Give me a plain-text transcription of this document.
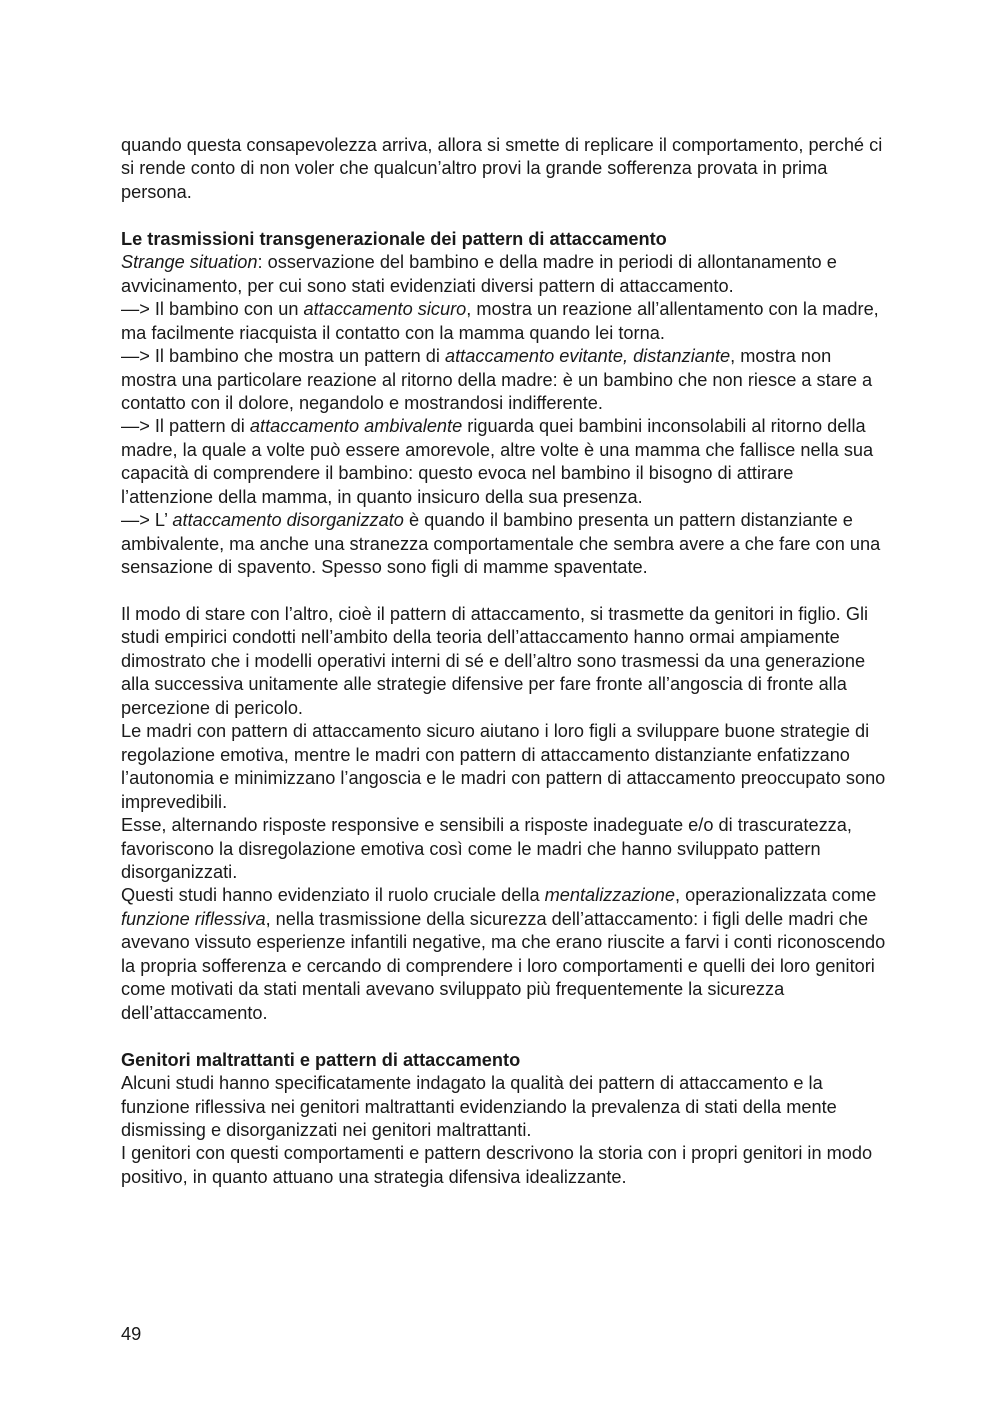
quando questa consapevolezza arriva, allora si smette di replicare il comportamento, perché ci si rende conto di non voler che qualcun’altro provi la grande sofferenza provata in prima persona.

Le trasmissioni transgenerazionale dei pattern di attaccamento

Strange situation: osservazione del bambino e della madre in periodi di allontanamento e avvicinamento, per cui sono stati evidenziati diversi pattern di attaccamento.

—> Il bambino con un attaccamento sicuro, mostra un reazione all’allentamento con la madre, ma facilmente riacquista il contatto con la mamma quando lei torna.

—> Il bambino che mostra un pattern di attaccamento evitante, distanziante, mostra non mostra una particolare reazione al ritorno della madre: è un bambino che non riesce a stare a contatto con il dolore, negandolo e mostrandosi indifferente.

—> Il pattern di attaccamento ambivalente riguarda quei bambini inconsolabili al ritorno della madre, la quale a volte può essere amorevole, altre volte è una mamma che fallisce nella sua capacità di comprendere il bambino: questo evoca nel bambino il bisogno di attirare l’attenzione della mamma, in quanto insicuro della sua presenza.

—> L’ attaccamento disorganizzato è quando il bambino presenta un pattern distanziante e ambivalente, ma anche una stranezza comportamentale che sembra avere a che fare con una sensazione di spavento. Spesso sono figli di mamme spaventate.

Il modo di stare con l’altro, cioè il pattern di attaccamento, si trasmette da genitori in figlio. Gli studi empirici condotti nell’ambito della teoria dell’attaccamento hanno ormai ampiamente dimostrato che i modelli operativi interni di sé e dell’altro sono trasmessi da una generazione alla successiva unitamente alle strategie difensive per fare fronte all’angoscia di fronte alla percezione di pericolo.

Le madri con pattern di attaccamento sicuro aiutano i loro figli a sviluppare buone strategie di regolazione emotiva, mentre le madri con pattern di attaccamento distanziante enfatizzano l’autonomia e minimizzano l’angoscia e le madri con pattern di attaccamento preoccupato sono imprevedibili.

Esse, alternando risposte responsive e sensibili a risposte inadeguate e/o di trascuratezza, favoriscono la disregolazione emotiva così come le madri che hanno sviluppato pattern disorganizzati.

Questi studi hanno evidenziato il ruolo cruciale della mentalizzazione, operazionalizzata come funzione riflessiva, nella trasmissione della sicurezza dell’attaccamento: i figli delle madri che avevano vissuto esperienze infantili negative, ma che erano riuscite a farvi i conti riconoscendo la propria sofferenza e cercando di comprendere i loro comportamenti e quelli dei loro genitori come motivati da stati mentali avevano sviluppato più frequentemente la sicurezza dell’attaccamento.

Genitori maltrattanti e pattern di attaccamento

Alcuni studi hanno specificatamente indagato la qualità dei pattern di attaccamento e la funzione riflessiva nei genitori maltrattanti evidenziando la prevalenza di stati della mente dismissing e disorganizzati nei genitori maltrattanti.

I genitori con questi comportamenti e pattern descrivono la storia con i propri genitori in modo positivo, in quanto attuano una strategia difensiva idealizzante.

49
